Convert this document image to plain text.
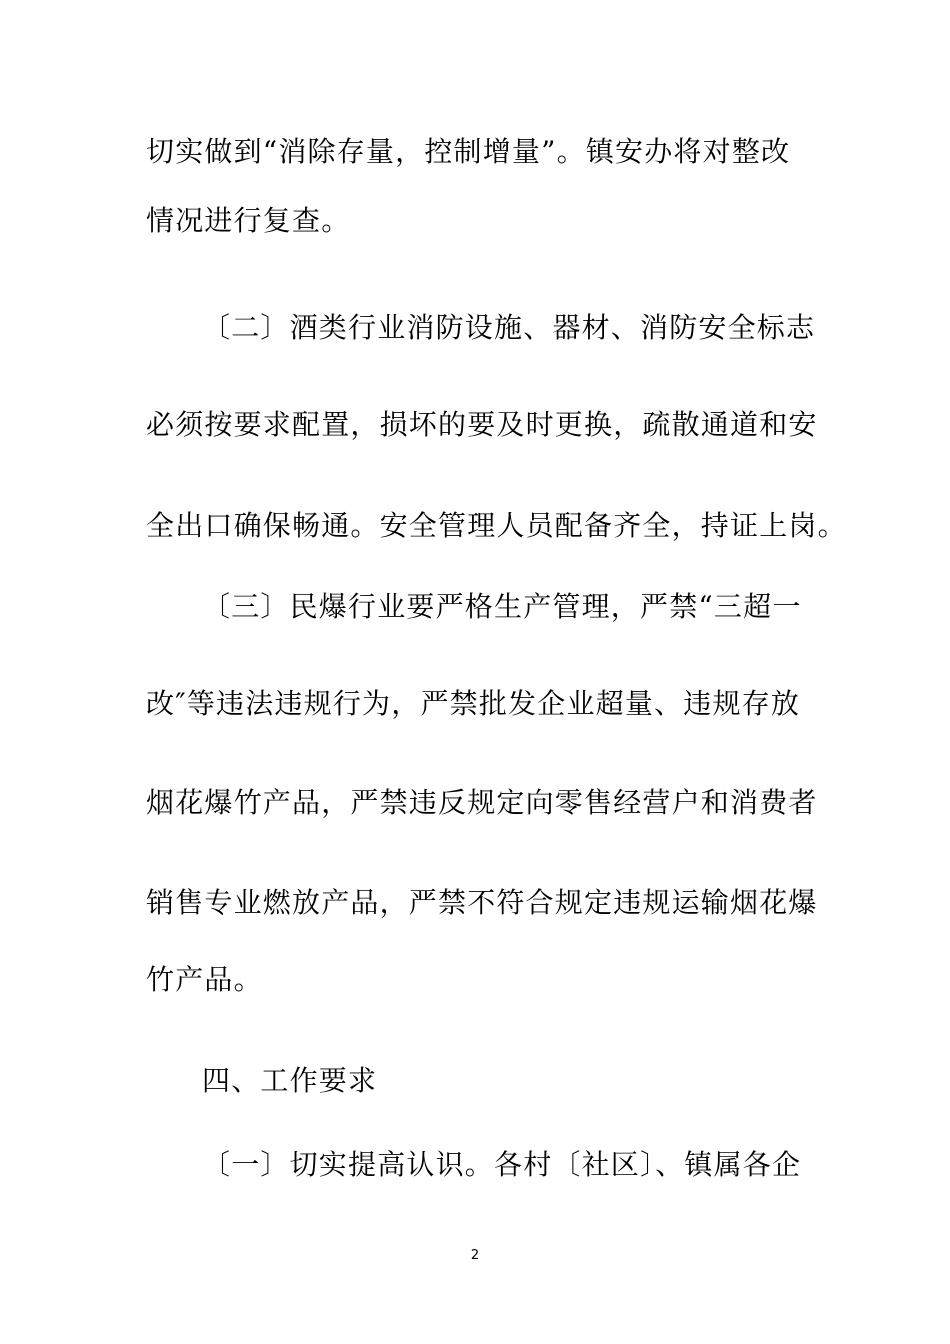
切实做到“消除存量，控制增量”。镇安办将对整改
情况进行复查。
〔二〕酒类行业消防设施、器材、消防安全标志
必须按要求配置，损坏的要及时更换，疏散通道和安
全出口确保畅通。安全管理人员配备齐全，持证上岗。
〔三〕民爆行业要严格生产管理，严禁“三超一
改″等违法违规行为，严禁批发企业超量、违规存放
烟花爆竹产品，严禁违反规定向零售经营户和消费者
销售专业燃放产品，严禁不符合规定违规运输烟花爆
竹产品。
四、工作要求
〔一〕切实提高认识。各村〔社区〕、镇属各企
2
